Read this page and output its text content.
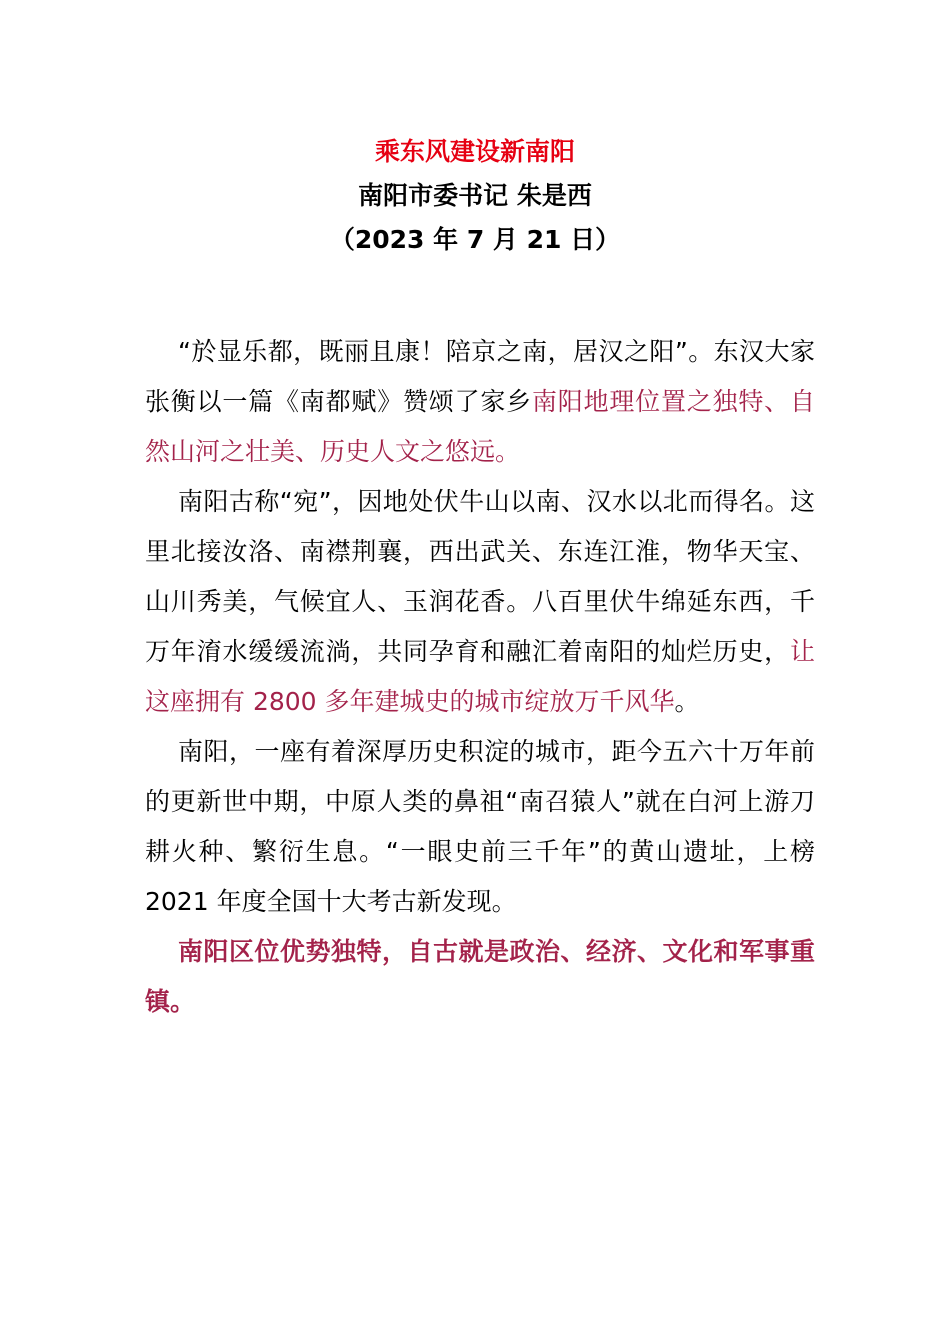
乘东风建设新南阳

南阳市委书记 朱是西

（2023 年 7 月 21 日）

“於显乐都，既丽且康！陪京之南，居汉之阳”。东汉大家张衡以一篇《南都赋》赞颂了家乡南阳地理位置之独特、自然山河之壮美、历史人文之悠远。

南阳古称“宛”，因地处伏牛山以南、汉水以北而得名。这里北接汝洛、南襟荆襄，西出武关、东连江淮，物华天宝、山川秀美，气候宜人、玉润花香。八百里伏牛绵延东西，千万年淯水缓缓流淌，共同孕育和融汇着南阳的灿烂历史，让这座拥有 2800 多年建城史的城市绽放万千风华。

南阳，一座有着深厚历史积淀的城市，距今五六十万年前的更新世中期，中原人类的鼻祖“南召猿人”就在白河上游刀耕火种、繁衍生息。“一眼史前三千年”的黄山遗址，上榜 2021 年度全国十大考古新发现。

南阳区位优势独特，自古就是政治、经济、文化和军事重镇。
